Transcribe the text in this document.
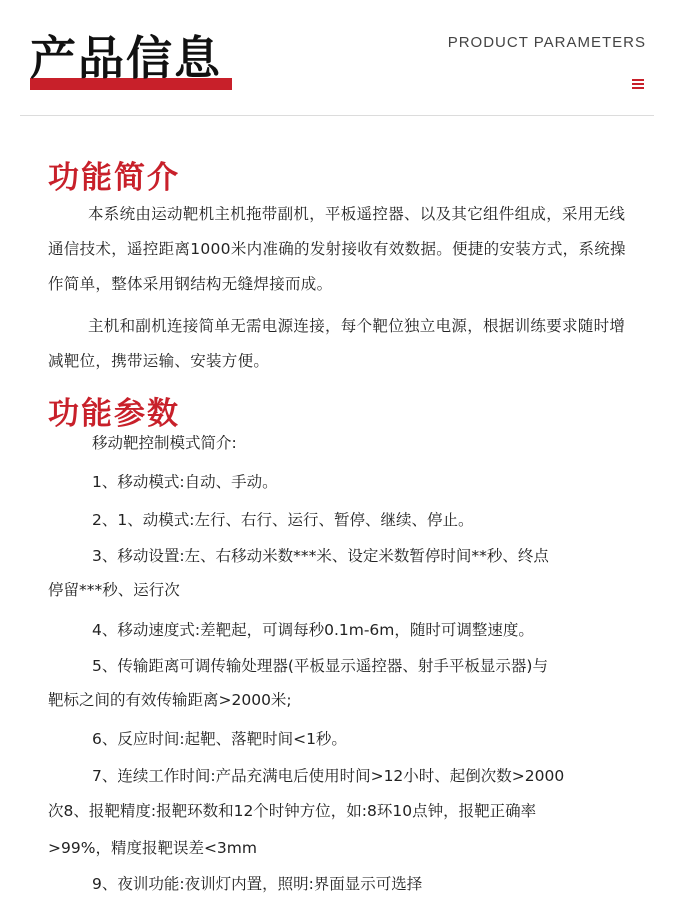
产品信息	PRODUCT PARAMETERS
功能简介
本系统由运动靶机主机拖带副机，平板遥控器、以及其它组件组成，采用无线通信技术，遥控距离1000米内准确的发射接收有效数据。便捷的安装方式，系统操作简单，整体采用钢结构无缝焊接而成。
主机和副机连接简单无需电源连接，每个靶位独立电源，根据训练要求随时增减靶位，携带运输、安装方便。
功能参数
移动靶控制模式简介:
1、移动模式:自动、手动。
2、1、动模式:左行、右行、运行、暂停、继续、停止。
3、移动设置:左、右移动米数***米、设定米数暂停时间**秒、终点
停留***秒、运行次
4、移动速度式:差靶起，可调每秒0.1m-6m，随时可调整速度。
5、传输距离可调传输处理器(平板显示遥控器、射手平板显示器)与
靶标之间的有效传输距离>2000米;
6、反应时间:起靶、落靶时间<1秒。
7、连续工作时间:产品充满电后使用时间>12小时、起倒次数>2000
次8、报靶精度:报靶环数和12个时钟方位，如:8环10点钟，报靶正确率
>99%，精度报靶误差<3mm
9、夜训功能:夜训灯内置，照明:界面显示可选择
